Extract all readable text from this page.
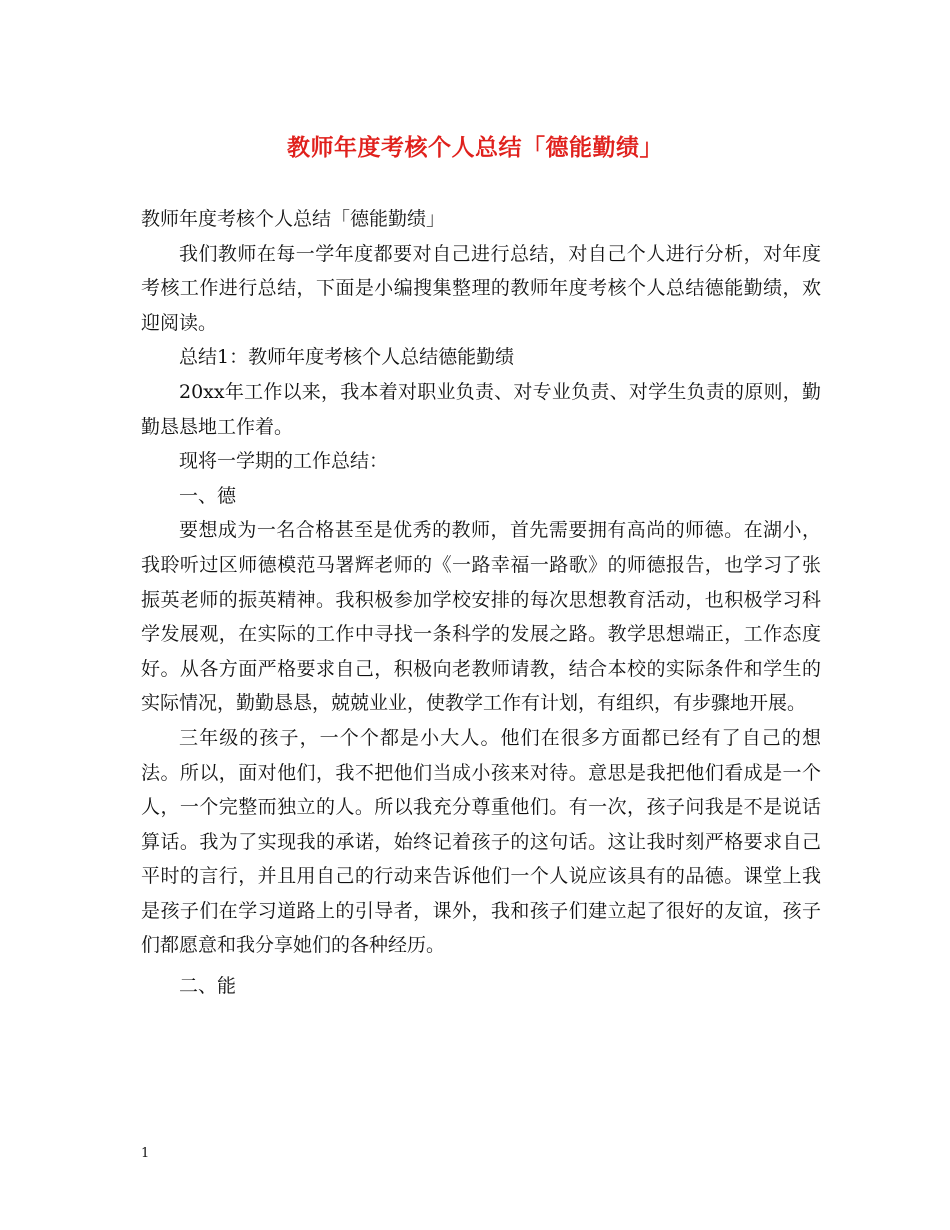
教师年度考核个人总结「德能勤绩」

教师年度考核个人总结「德能勤绩」

我们教师在每一学年度都要对自己进行总结，对自己个人进行分析，对年度考核工作进行总结，下面是小编搜集整理的教师年度考核个人总结德能勤绩，欢迎阅读。

总结1：教师年度考核个人总结德能勤绩

20xx年工作以来，我本着对职业负责、对专业负责、对学生负责的原则，勤勤恳恳地工作着。

现将一学期的工作总结：

一、德

要想成为一名合格甚至是优秀的教师，首先需要拥有高尚的师德。在湖小，我聆听过区师德模范马署辉老师的《一路幸福一路歌》的师德报告，也学习了张振英老师的振英精神。我积极参加学校安排的每次思想教育活动，也积极学习科学发展观，在实际的工作中寻找一条科学的发展之路。教学思想端正，工作态度好。从各方面严格要求自己，积极向老教师请教，结合本校的实际条件和学生的实际情况，勤勤恳恳，兢兢业业，使教学工作有计划，有组织，有步骤地开展。

三年级的孩子，一个个都是小大人。他们在很多方面都已经有了自己的想法。所以，面对他们，我不把他们当成小孩来对待。意思是我把他们看成是一个人，一个完整而独立的人。所以我充分尊重他们。有一次，孩子问我是不是说话算话。我为了实现我的承诺，始终记着孩子的这句话。这让我时刻严格要求自己平时的言行，并且用自己的行动来告诉他们一个人说应该具有的品德。课堂上我是孩子们在学习道路上的引导者，课外，我和孩子们建立起了很好的友谊，孩子们都愿意和我分享她们的各种经历。

二、能

1
